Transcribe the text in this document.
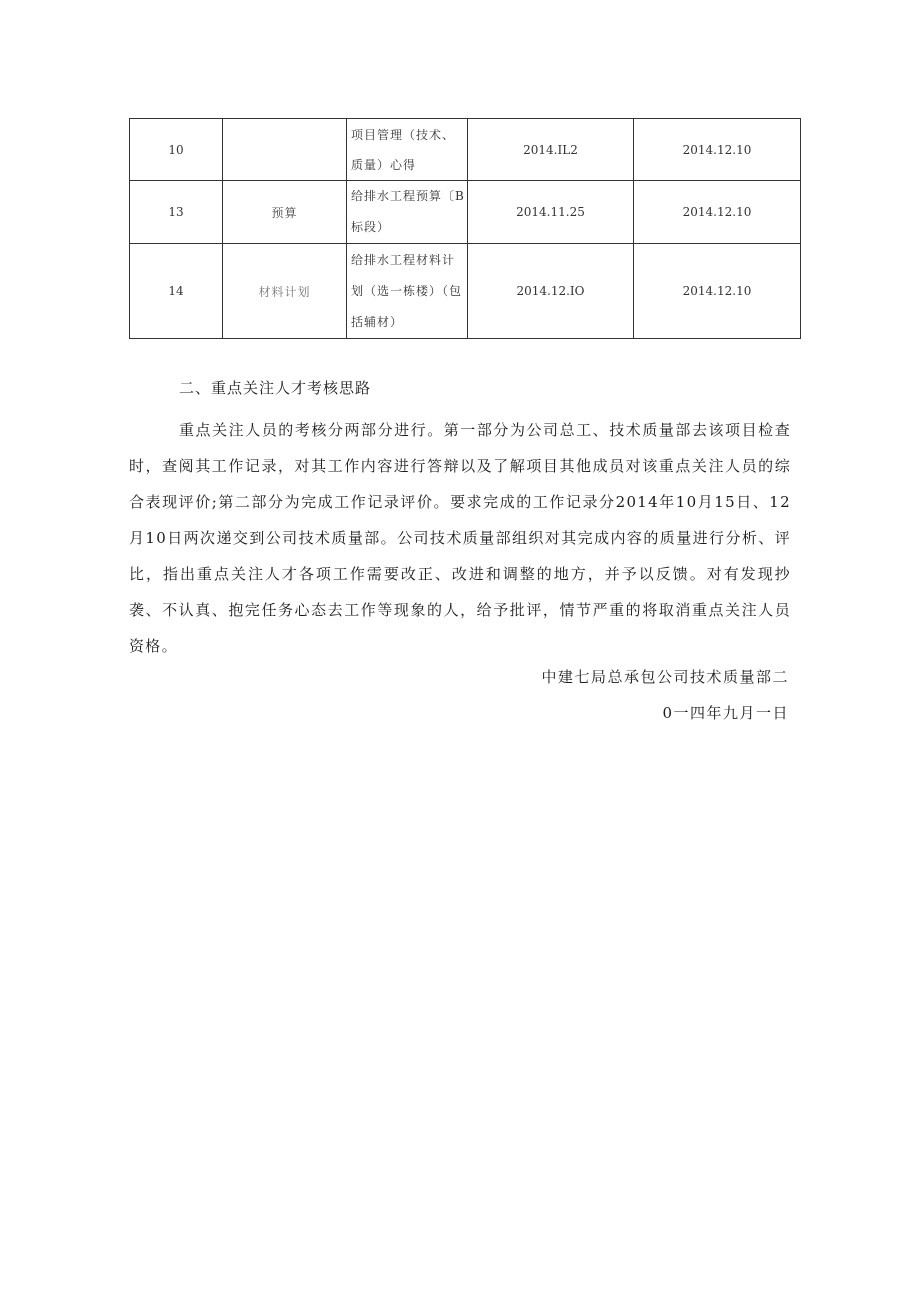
10		项目管理（技术、质量）心得	2014.IL2	2014.12.10
13	预算	给排水工程预算〔B标段）	2014.11.25	2014.12.10
14	材料计划	给排水工程材料计划（选一栋楼）（包括辅材）	2014.12.IO	2014.12.10
二、重点关注人才考核思路

重点关注人员的考核分两部分进行。第一部分为公司总工、技术质量部去该项目检查时，查阅其工作记录，对其工作内容进行答辩以及了解项目其他成员对该重点关注人员的综合表现评价;第二部分为完成工作记录评价。要求完成的工作记录分2014年10月15日、12月10日两次递交到公司技术质量部。公司技术质量部组织对其完成内容的质量进行分析、评比，指出重点关注人才各项工作需要改正、改进和调整的地方，并予以反馈。对有发现抄袭、不认真、抱完任务心态去工作等现象的人，给予批评，情节严重的将取消重点关注人员资格。

中建七局总承包公司技术质量部二
0一四年九月一日
